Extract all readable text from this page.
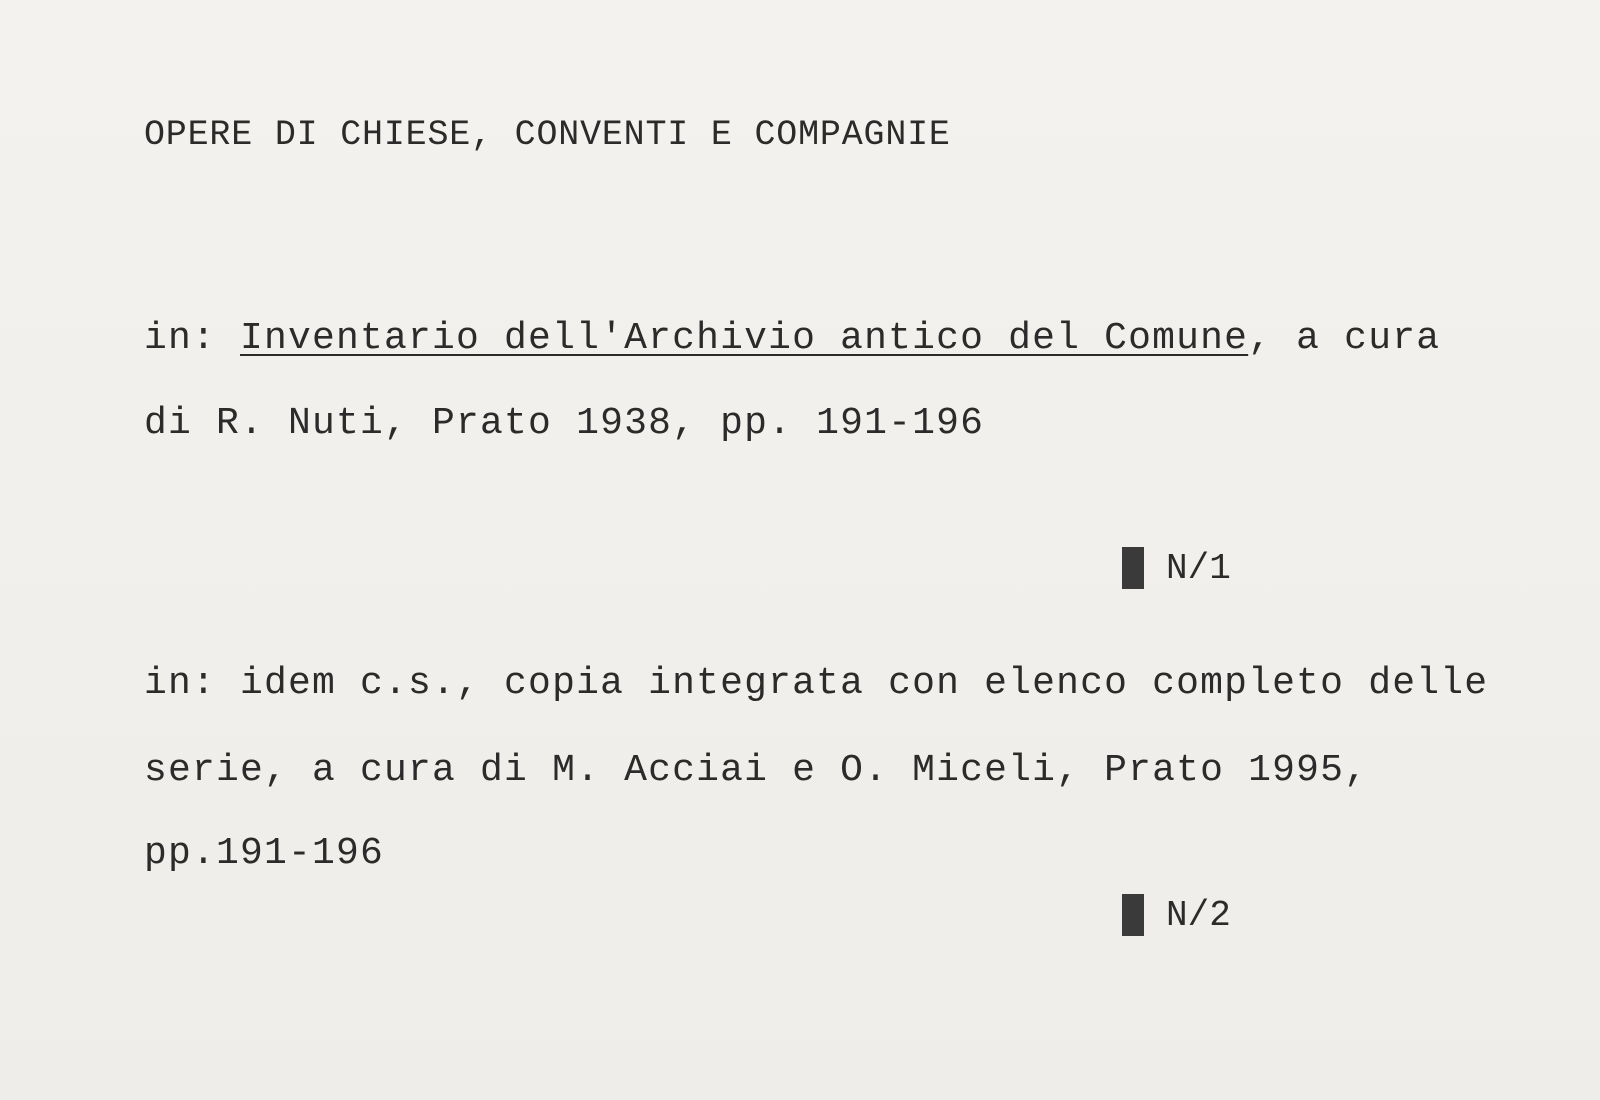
OPERE DI CHIESE, CONVENTI E COMPAGNIE
in: Inventario dell'Archivio antico del Comune, a cura
di R. Nuti, Prato 1938, pp. 191-196
N/1
in: idem c.s., copia integrata con elenco completo delle
serie, a cura di M. Acciai e O. Miceli, Prato 1995,
pp.191-196
N/2
